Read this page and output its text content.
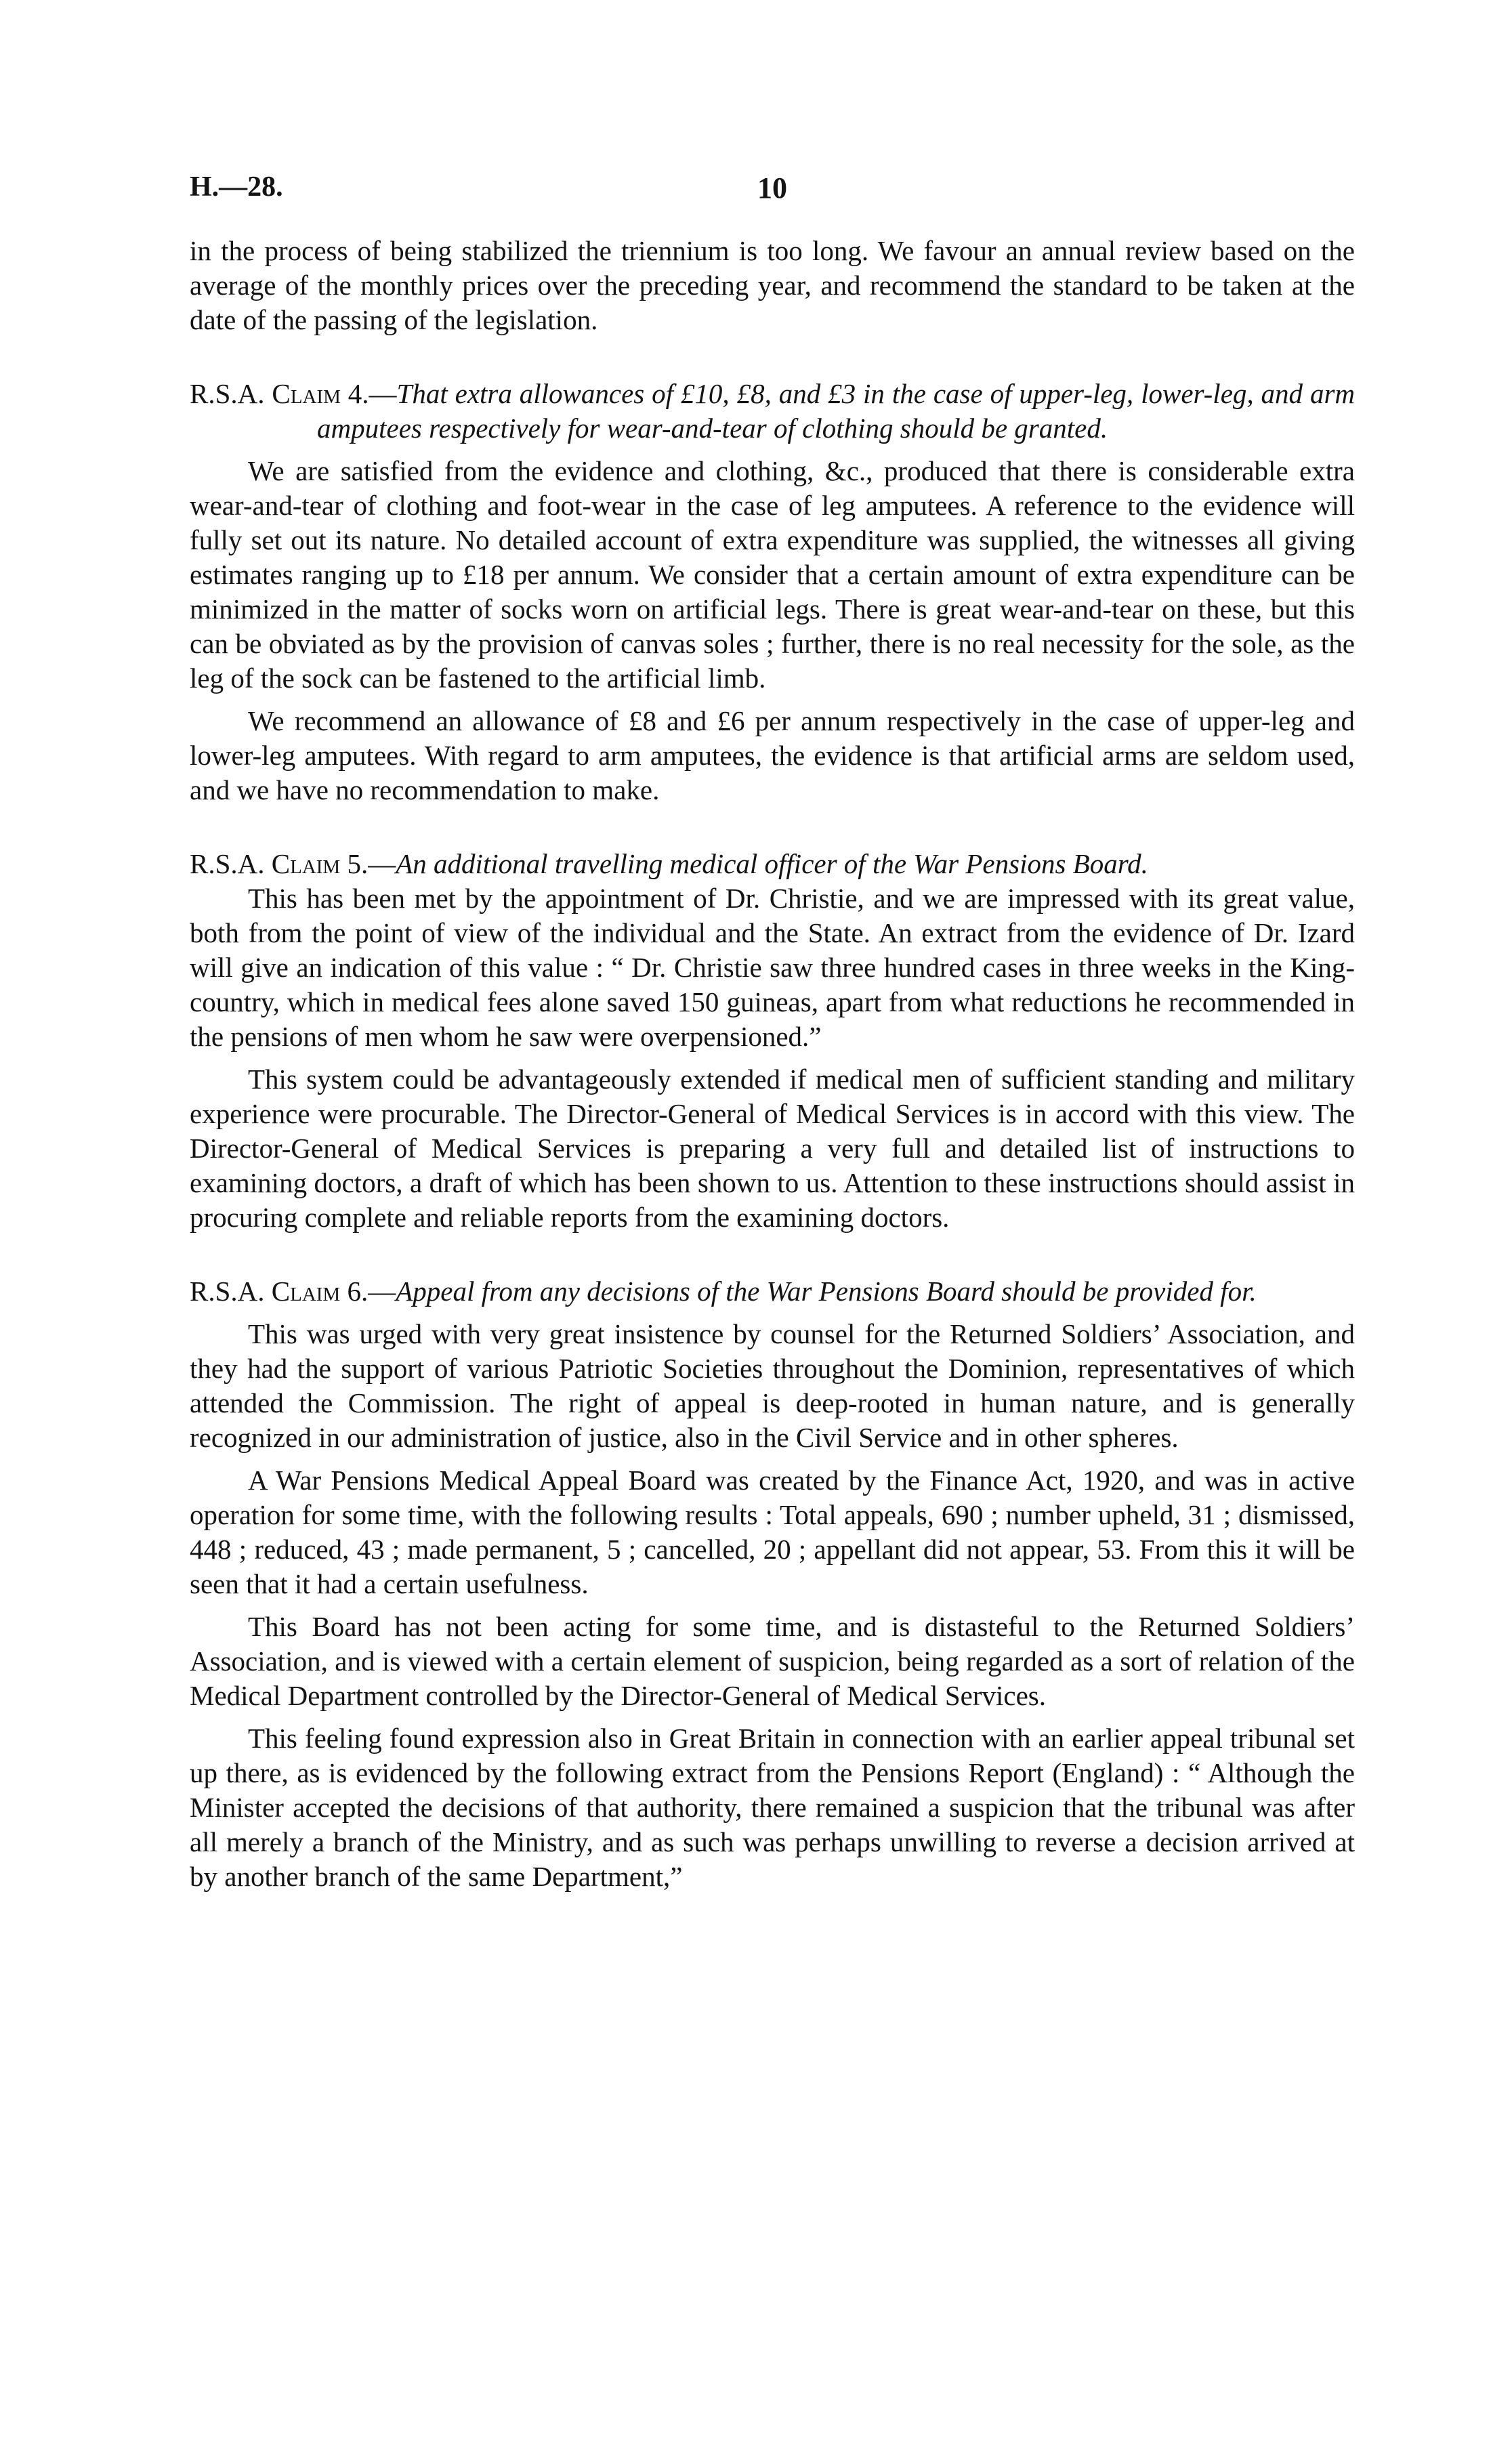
H.—28.	10

in the process of being stabilized the triennium is too long. We favour an annual review based on the average of the monthly prices over the preceding year, and recommend the standard to be taken at the date of the passing of the legislation.

R.S.A. Claim 4.—That extra allowances of £10, £8, and £3 in the case of upper-leg, lower-leg, and arm amputees respectively for wear-and-tear of clothing should be granted.

We are satisfied from the evidence and clothing, &c., produced that there is considerable extra wear-and-tear of clothing and foot-wear in the case of leg amputees. A reference to the evidence will fully set out its nature. No detailed account of extra expenditure was supplied, the witnesses all giving estimates ranging up to £18 per annum. We consider that a certain amount of extra expenditure can be minimized in the matter of socks worn on artificial legs. There is great wear-and-tear on these, but this can be obviated as by the provision of canvas soles ; further, there is no real necessity for the sole, as the leg of the sock can be fastened to the artificial limb.

We recommend an allowance of £8 and £6 per annum respectively in the case of upper-leg and lower-leg amputees. With regard to arm amputees, the evidence is that artificial arms are seldom used, and we have no recommendation to make.

R.S.A. Claim 5.—An additional travelling medical officer of the War Pensions Board.

This has been met by the appointment of Dr. Christie, and we are impressed with its great value, both from the point of view of the individual and the State. An extract from the evidence of Dr. Izard will give an indication of this value : “ Dr. Christie saw three hundred cases in three weeks in the King-country, which in medical fees alone saved 150 guineas, apart from what reductions he recommended in the pensions of men whom he saw were overpensioned.”

This system could be advantageously extended if medical men of sufficient standing and military experience were procurable. The Director-General of Medical Services is in accord with this view. The Director-General of Medical Services is preparing a very full and detailed list of instructions to examining doctors, a draft of which has been shown to us. Attention to these instructions should assist in procuring complete and reliable reports from the examining doctors.

R.S.A. Claim 6.—Appeal from any decisions of the War Pensions Board should be provided for.

This was urged with very great insistence by counsel for the Returned Soldiers’ Association, and they had the support of various Patriotic Societies throughout the Dominion, representatives of which attended the Commission. The right of appeal is deep-rooted in human nature, and is generally recognized in our administration of justice, also in the Civil Service and in other spheres.

A War Pensions Medical Appeal Board was created by the Finance Act, 1920, and was in active operation for some time, with the following results : Total appeals, 690 ; number upheld, 31 ; dismissed, 448 ; reduced, 43 ; made permanent, 5 ; cancelled, 20 ; appellant did not appear, 53. From this it will be seen that it had a certain usefulness.

This Board has not been acting for some time, and is distasteful to the Returned Soldiers’ Association, and is viewed with a certain element of suspicion, being regarded as a sort of relation of the Medical Department controlled by the Director-General of Medical Services.

This feeling found expression also in Great Britain in connection with an earlier appeal tribunal set up there, as is evidenced by the following extract from the Pensions Report (England) : “ Although the Minister accepted the decisions of that authority, there remained a suspicion that the tribunal was after all merely a branch of the Ministry, and as such was perhaps unwilling to reverse a decision arrived at by another branch of the same Department,”
